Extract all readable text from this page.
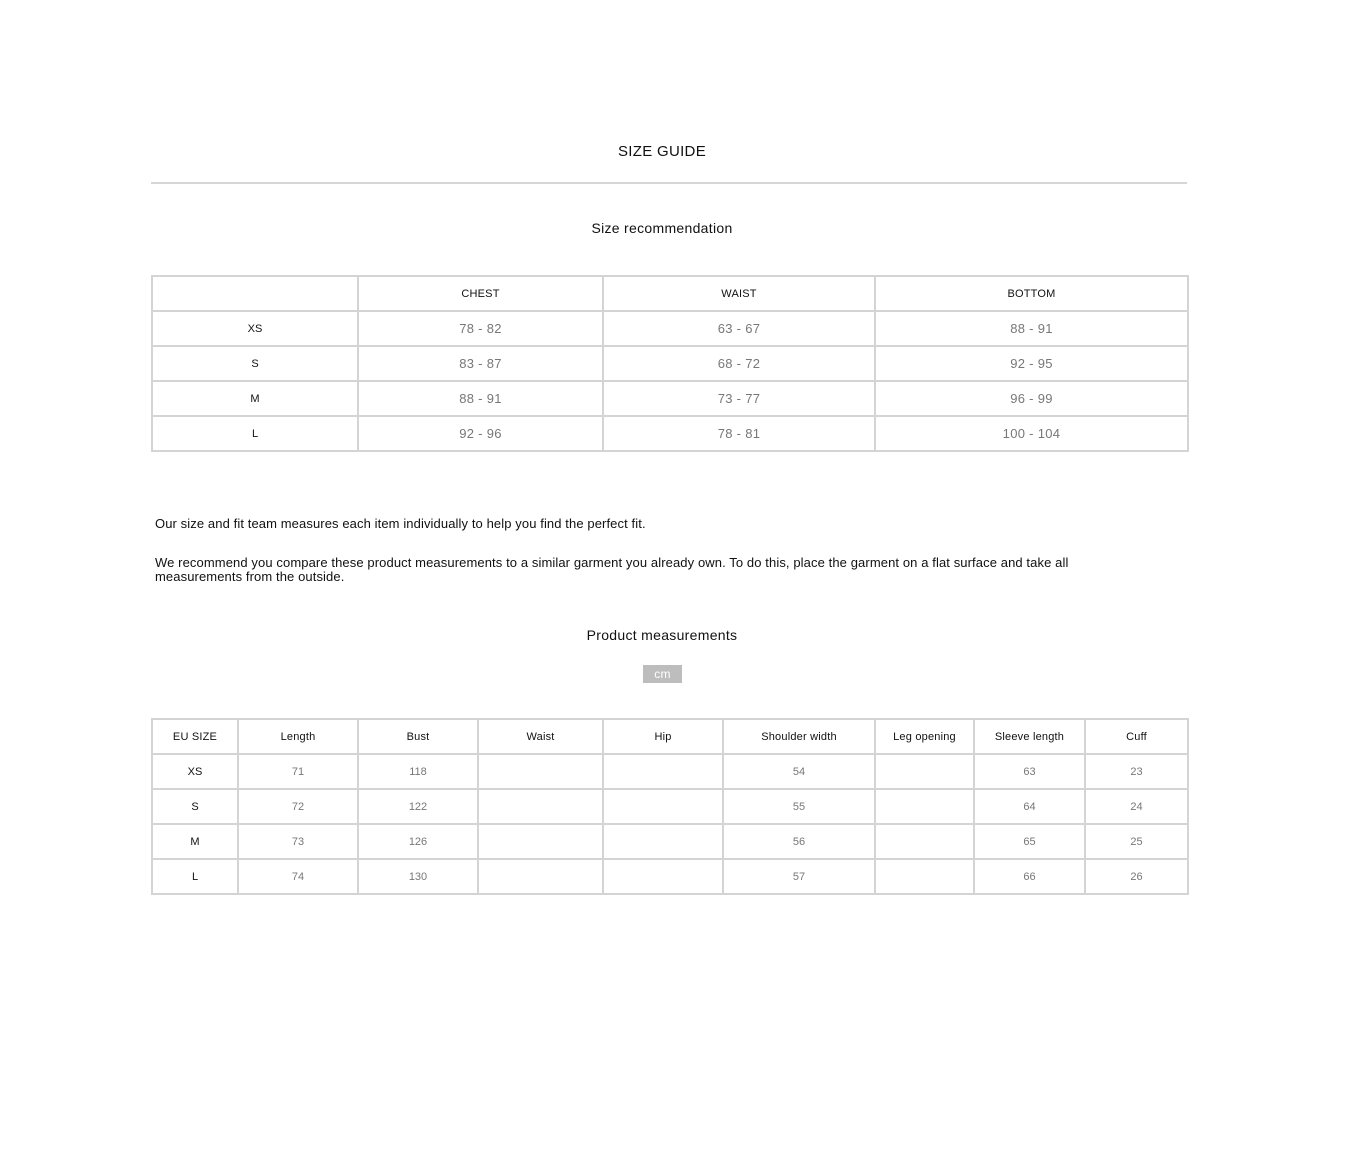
SIZE GUIDE
Size recommendation
	CHEST	WAIST	BOTTOM
XS	78 - 82	63 - 67	88 - 91
S	83 - 87	68 - 72	92 - 95
M	88 - 91	73 - 77	96 - 99
L	92 - 96	78 - 81	100 - 104
Our size and fit team measures each item individually to help you find the perfect fit.
We recommend you compare these product measurements to a similar garment you already own. To do this, place the garment on a flat surface and take all measurements from the outside.
Product measurements
cm
EU SIZE	Length	Bust	Waist	Hip	Shoulder width	Leg opening	Sleeve length	Cuff
XS	71	118			54		63	23
S	72	122			55		64	24
M	73	126			56		65	25
L	74	130			57		66	26
